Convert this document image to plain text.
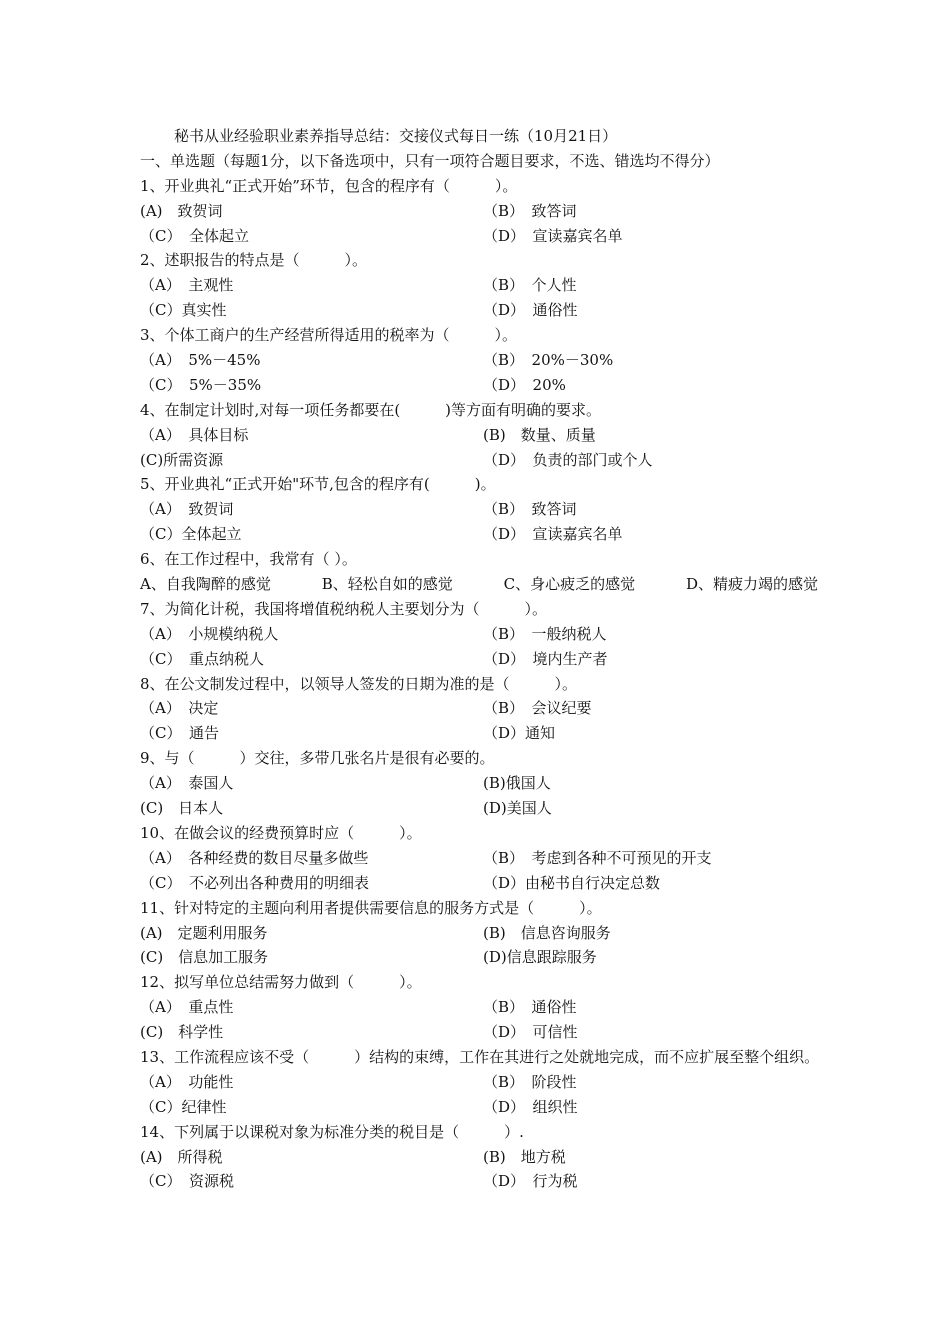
秘书从业经验职业素养指导总结：交接仪式每日一练（10月21日）
一、单选题（每题1分，以下备选项中，只有一项符合题目要求，不选、错选均不得分）
1、开业典礼“正式开始”环节，包含的程序有（　　　）。
(A)　致贺词	（B）　致答词
（C）　全体起立	（D）　宣读嘉宾名单
2、述职报告的特点是（　　　）。
（A）　主观性	（B）　个人性
（C）真实性	（D）　通俗性
3、个体工商户的生产经营所得适用的税率为（　　　）。
（A）　5%－45%	（B）　20%－30%
（C）　5%－35%	（D）　20%
4、在制定计划时,对每一项任务都要在(　　　)等方面有明确的要求。
（A）　具体目标	(B)　数量、质量
(C)所需资源	（D）　负责的部门或个人
5、开业典礼“正式开始"环节,包含的程序有(　　　)。
（A）　致贺词	（B）　致答词
（C）全体起立	（D）　宣读嘉宾名单
6、在工作过程中，我常有（ ）。
A、自我陶醉的感觉	B、轻松自如的感觉	C、身心疲乏的感觉	D、精疲力竭的感觉
7、为简化计税，我国将增值税纳税人主要划分为（　　　）。
（A）　小规模纳税人	（B）　一般纳税人
（C）　重点纳税人	（D）　境内生产者
8、在公文制发过程中，以领导人签发的日期为准的是（　　　）。
（A）　决定	（B）　会议纪要
（C）　通告	（D）通知
9、与（　　　）交往，多带几张名片是很有必要的。
（A）　泰国人	(B)俄国人
(C)　日本人	(D)美国人
10、在做会议的经费预算时应（　　　）。
（A）　各种经费的数目尽量多做些	（B）　考虑到各种不可预见的开支
（C）　不必列出各种费用的明细表	（D）由秘书自行决定总数
11、针对特定的主题向利用者提供需要信息的服务方式是（　　　）。
(A)　定题利用服务	(B)　信息咨询服务
(C)　信息加工服务	(D)信息跟踪服务
12、拟写单位总结需努力做到（　　　）。
（A）　重点性	（B）　通俗性
(C)　科学性	（D）　可信性
13、工作流程应该不受（　　　）结构的束缚，工作在其进行之处就地完成，而不应扩展至整个组织。
（A）　功能性	（B）　阶段性
（C）纪律性	（D）　组织性
14、下列属于以课税对象为标准分类的税目是（　　　）.
(A)　所得税	(B)　地方税
（C）　资源税	（D）　行为税
